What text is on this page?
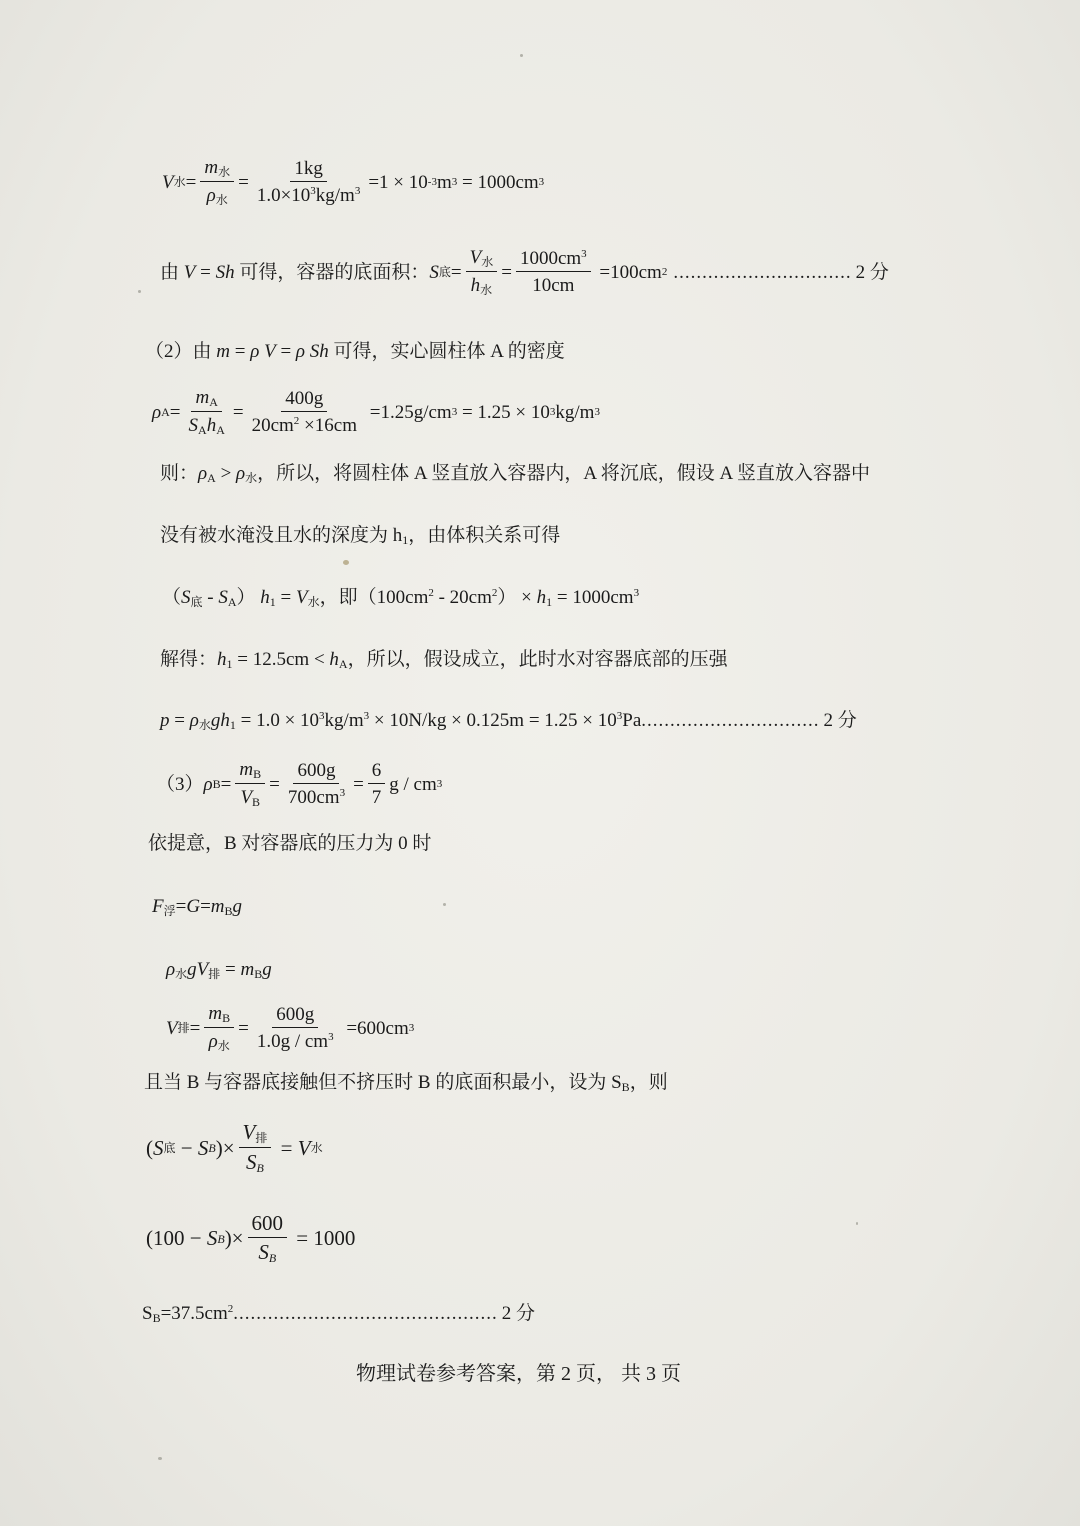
V 水 = $\frac{m_水}{\rho_水} = \frac{1kg}{1.0\times 10^3kg/m^3} =1 \times 10$ -3 m 3 = 1000cm 3
由 V = Sh 可得，容器的底面积： S 底 = $\frac{V_水}{h_水} = \frac{1000cm^3}{10cm} =100cm$ 2 ............................... 2 分
（2）由 m = ρ
V = ρ
Sh 可得，实心圆柱体 A 的密度
ρ $A = \frac{m_A}{S_Ah_A} = \frac{400g}{20cm^2 \times 16cm} =1.25g/cm$ 3 = 1.25 × 10 3 kg/m 3
则：$\rho_A > \rho_水$，所以，将圆柱体 A 竖直放入容器内，A 将沉底，假设 A 竖直放入容器中
没有被水淹没且水的深度为 $h_1$，由体积关系可得
$(S_底 - S_A) h_1 = V_水$，即$(100cm^2 - 20cm^2) \times h_1 = 1000cm^3$
解得：$h_1 = 12.5cm < h_A$，所以，假设成立，此时水对容器底部的压强
$p = \rho_水gh_1 = 1.0 \times 10^3kg/m^3 \times 10N/kg \times 0.125m = 1.25 \times 10^3Pa$............................... 2 分
（3） ρ $B = \frac{m_B}{V_B} = \frac{600g}{700cm^3} = \frac{6}{7}$ g / cm 3
依提意，B 对容器底的压力为 0 时
$F_浮=G=m_Bg$
$\rho_水gV_排 = m_Bg$
V 排 = $\frac{m_B}{\rho_水} = \frac{600g}{1.0g / cm^3} =600cm$ 3
且当 B 与容器底接触但不挤压时 B 的底面积最小，设为 $S_B$，则
( S 底 − S B )× $\frac{V_排}{S_B} = V$ 水
(100 − S B )× $\frac{600}{S_B} = 1000$
$S_B=37.5cm^2$.............................................. 2 分
物理试卷参考答案，第 2 页， 共 3 页
